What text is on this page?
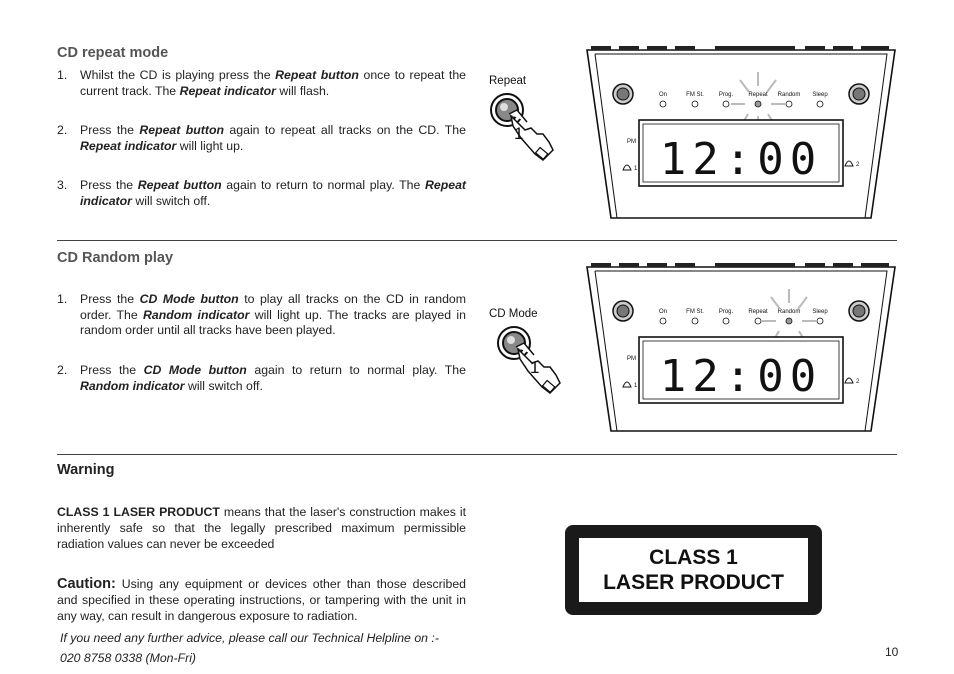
CD repeat mode
1. Whilst the CD is playing press the Repeat button once to repeat the current track. The Repeat indicator will flash.
2. Press the Repeat button again to repeat all tracks on the CD. The Repeat indicator will light up.
3. Press the Repeat button again to return to normal play. The Repeat indicator will switch off.
Repeat
1
On	FM St. Prog.	Repeat Random Sleep
PM 12:00
1
2
CD Random play
1. Press the CD Mode button to play all tracks on the CD in random order. The Random indicator will light up. The tracks are played in random order until all tracks have been played.
2. Press the CD Mode button again to return to normal play. The Random indicator will switch off.
CD Mode
1
On	FM St. Prog.	Repeat Random Sleep
PM 12:00
1
2
Warning
CLASS 1 LASER PRODUCT means that the laser's construction makes it inherently safe so that the legally prescribed maximum permissible radiation values can never be exceeded
Caution: Using any equipment or devices other than those described and specified in these operating instructions, or tampering with the unit in any way, can result in dangerous exposure to radiation.
If you need any further advice, please call our Technical Helpline on :-
020 8758 0338 (Mon-Fri)
CLASS 1
LASER PRODUCT
10
